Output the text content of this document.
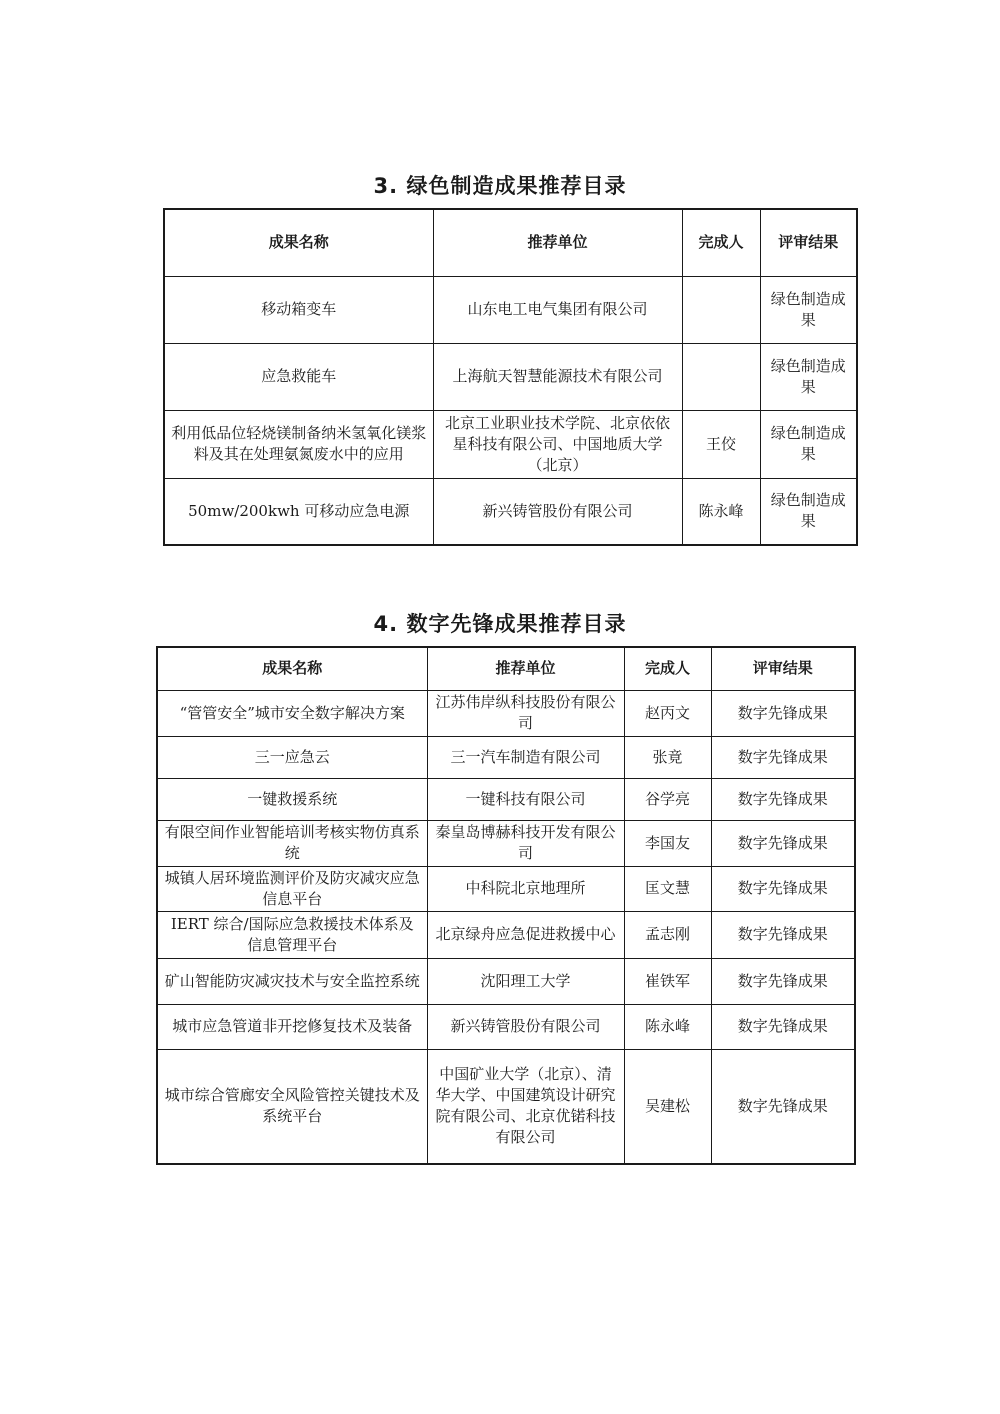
3. 绿色制造成果推荐目录
成果名称	推荐单位	完成人	评审结果
移动箱变车	山东电工电气集团有限公司		绿色制造成果
应急救能车	上海航天智慧能源技术有限公司		绿色制造成果
利用低品位轻烧镁制备纳米氢氧化镁浆料及其在处理氨氮废水中的应用	北京工业职业技术学院、北京依依星科技有限公司、中国地质大学（北京）	王佼	绿色制造成果
50mw/200kwh 可移动应急电源	新兴铸管股份有限公司	陈永峰	绿色制造成果
4. 数字先锋成果推荐目录
成果名称	推荐单位	完成人	评审结果
“管管安全”城市安全数字解决方案	江苏伟岸纵科技股份有限公司	赵丙文	数字先锋成果
三一应急云	三一汽车制造有限公司	张竟	数字先锋成果
一键救援系统	一键科技有限公司	谷学亮	数字先锋成果
有限空间作业智能培训考核实物仿真系统	秦皇岛博赫科技开发有限公司	李国友	数字先锋成果
城镇人居环境监测评价及防灾减灾应急信息平台	中科院北京地理所	匡文慧	数字先锋成果
IERT 综合/国际应急救援技术体系及信息管理平台	北京绿舟应急促进救援中心	孟志刚	数字先锋成果
矿山智能防灾减灾技术与安全监控系统	沈阳理工大学	崔铁军	数字先锋成果
城市应急管道非开挖修复技术及装备	新兴铸管股份有限公司	陈永峰	数字先锋成果
城市综合管廊安全风险管控关键技术及系统平台	中国矿业大学（北京）、清华大学、中国建筑设计研究院有限公司、北京优锘科技有限公司	吴建松	数字先锋成果
